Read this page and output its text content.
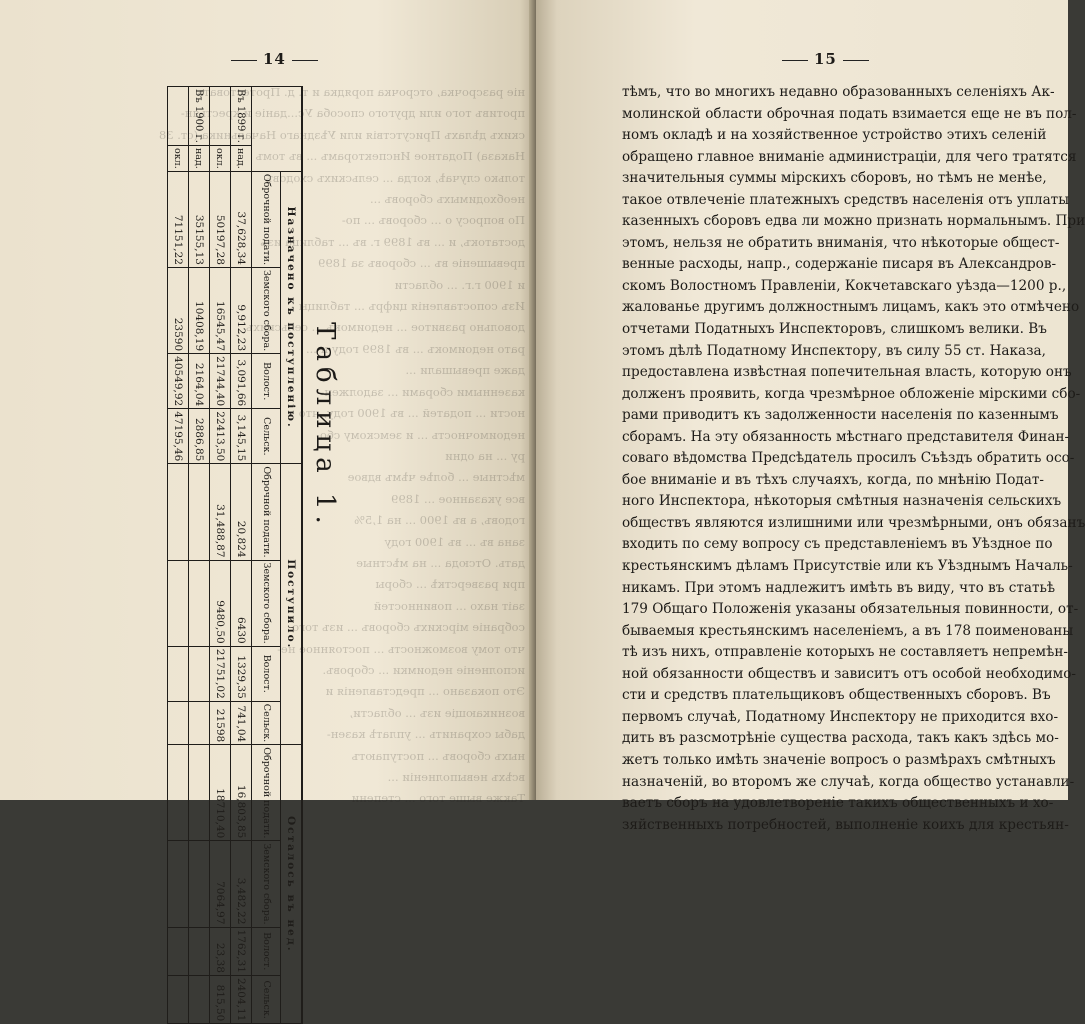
14
ніе разсрочка, отсрочка порядка и т. д. Протестовать
противъ того или другого способа Ус...даніе и крестьян-
скихъ дѣлахъ Присутствія или Уѣзднаго Начальника (ст. 38
Наказа) Податное Инспекторамъ ... въ томъ
только случаѣ, когда ... сельскихъ сходовъ
необходимыхъ сборовъ ...
По вопросу о ... сборовъ ... по-
достатокъ, и ... въ 1899 г. въ ... таблица изъ
превышеніе въ ... сборовъ за 1899
и 1900 г.г. ... области
Изъ сопоставленія цифръ ... таблицы
довольно развитое ... недоимокъ ... сельскихъ
рато недоимокъ ... въ 1899 году и ...
даже превышали ...
казенными сборами ... задолжен-
ности ... податей ... въ 1900 году, что
недоимочность ... и земскому сбо-
ру ... на одни
мѣстные ... болѣе чѣмъ вдвое
все указанное ... 1899
годовъ, а въ 1900 ... на 1,5%
зана въ ... въ 1900 году
дать. Отсюда ... на мѣстные
при разверсткѣ ... сборы
заіт нахо ... повинностей
собраніе мірскихъ сборовъ ... изъ того
что тому возможность ... постоянное не-
исполненіе недоимки ... сборовъ.
Это показано ... представленія и
возникающіе изъ ... области,
дабы сохранить ... уплатѣ казен-
ныхъ сборовъ ... поступаютъ
всѣхъ невыполненіи ...
Также выше того ... степени
Таблица 1.
		Назначено къ поступленію.				Поступило.				Осталось въ нед.			
		Оброчной подати.	Земского сбора.	Волост.	Сельск.	Оброчной подати.	Земского сбора.	Волост.	Сельск.	Оброчной подати.	Земского сбора.	Волост.	Сельск.
Въ 1899 г.	над.	37,628,34	9,912,23	3,091,66	3,145,15	20,824	6430	1329,35	741,04	16,803,85	3,482,22	1762,31	2404,11
	окл.	50197,28	16545,47	21744,40	22413,50	31,488,87	9480,50	21751,02	21598	18710,40	7064,97	23,38	815,50
Въ 1900 г.	над.	35155,13	10408,19	2164,04	2886,85								
	окл.	71151,22	23590	40549,92	47195,46								
15
тѣмъ, что во многихъ недавно образованныхъ селеніяхъ Ак-
молинской области оброчная подать взимается еще не въ пол-
номъ окладѣ и на хозяйственное устройство этихъ селеній
обращено главное вниманіе администраціи, для чего тратятся
значительныя суммы мірскихъ сборовъ, но тѣмъ не менѣе,
такое отвлеченіе платежныхъ средствъ населенія отъ уплаты
казенныхъ сборовъ едва ли можно признать нормальнымъ. При
этомъ, нельзя не обратить вниманія, что нѣкоторые общест-
венные расходы, напр., содержаніе писаря въ Александров-
скомъ Волостномъ Правленіи, Кокчетавскаго уѣзда—1200 р.,
жалованье другимъ должностнымъ лицамъ, какъ это отмѣчено
отчетами Податныхъ Инспекторовъ, слишкомъ велики. Въ
этомъ дѣлѣ Податному Инспектору, въ силу 55 ст. Наказа,
предоставлена извѣстная попечительная власть, которую онъ
долженъ проявить, когда чрезмѣрное обложеніе мірскими сбо-
рами приводитъ къ задолженности населенія по казеннымъ
сборамъ. На эту обязанность мѣстнаго представителя Финан-
соваго вѣдомства Предсѣдатель просилъ Съѣздъ обратить осо-
бое вниманіе и въ тѣхъ случаяхъ, когда, по мнѣнію Подат-
ного Инспектора, нѣкоторыя смѣтныя назначенія сельскихъ
обществъ являются излишними или чрезмѣрными, онъ обязанъ
входить по сему вопросу съ представленіемъ въ Уѣздное по
крестьянскимъ дѣламъ Присутствіе или къ Уѣзднымъ Началь-
никамъ. При этомъ надлежитъ имѣть въ виду, что въ статьѣ
179 Общаго Положенія указаны обязательныя повинности, от-
бываемыя крестьянскимъ населеніемъ, а въ 178 поименованы
тѣ изъ нихъ, отправленіе которыхъ не составляетъ непремѣн-
ной обязанности обществъ и зависитъ отъ особой необходимо-
сти и средствъ плательщиковъ общественныхъ сборовъ. Въ
первомъ случаѣ, Податному Инспектору не приходится вхо-
дить въ разсмотрѣніе существа расхода, такъ какъ здѣсь мо-
жетъ только имѣть значеніе вопросъ о размѣрахъ смѣтныхъ
назначеній, во второмъ же случаѣ, когда общество устанавли-
ваетъ сборъ на удовлетвореніе такихъ общественныхъ и хо-
зяйственныхъ потребностей, выполненіе коихъ для крестьян-
